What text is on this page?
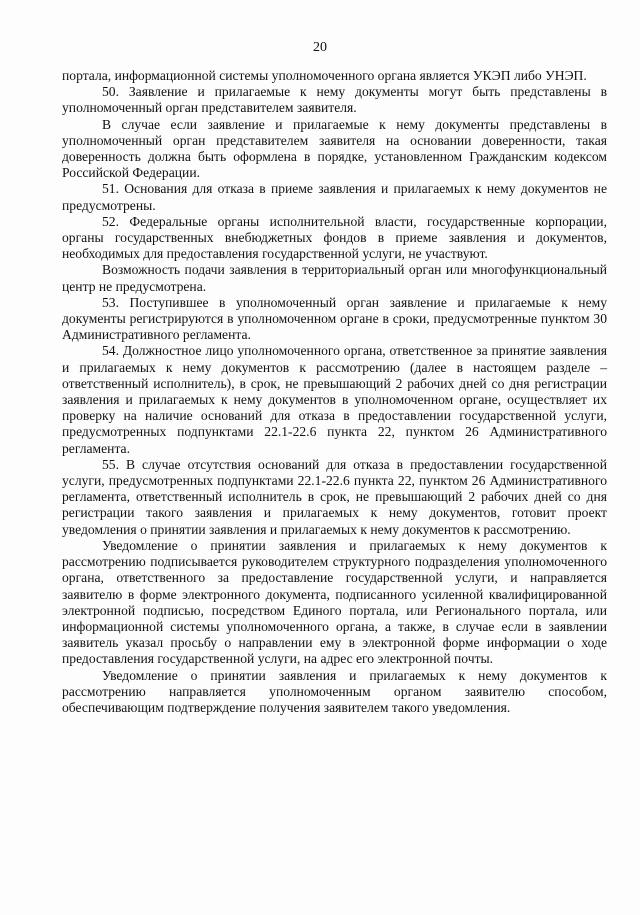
20

портала, информационной системы уполномоченного органа является УКЭП либо УНЭП.

50. Заявление и прилагаемые к нему документы могут быть представлены в уполномоченный орган представителем заявителя.

В случае если заявление и прилагаемые к нему документы представлены в уполномоченный орган представителем заявителя на основании доверенности, такая доверенность должна быть оформлена в порядке, установленном Гражданским кодексом Российской Федерации.

51. Основания для отказа в приеме заявления и прилагаемых к нему документов не предусмотрены.

52. Федеральные органы исполнительной власти, государственные корпорации, органы государственных внебюджетных фондов в приеме заявления и документов, необходимых для предоставления государственной услуги, не участвуют.

Возможность подачи заявления в территориальный орган или многофункциональный центр не предусмотрена.

53. Поступившее в уполномоченный орган заявление и прилагаемые к нему документы регистрируются в уполномоченном органе в сроки, предусмотренные пунктом 30 Административного регламента.

54. Должностное лицо уполномоченного органа, ответственное за принятие заявления и прилагаемых к нему документов к рассмотрению (далее в настоящем разделе – ответственный исполнитель), в срок, не превышающий 2 рабочих дней со дня регистрации заявления и прилагаемых к нему документов в уполномоченном органе, осуществляет их проверку на наличие оснований для отказа в предоставлении государственной услуги, предусмотренных подпунктами 22.1-22.6 пункта 22, пунктом 26 Административного регламента.

55. В случае отсутствия оснований для отказа в предоставлении государственной услуги, предусмотренных подпунктами 22.1-22.6 пункта 22, пунктом 26 Административного регламента, ответственный исполнитель в срок, не превышающий 2 рабочих дней со дня регистрации такого заявления и прилагаемых к нему документов, готовит проект уведомления о принятии заявления и прилагаемых к нему документов к рассмотрению.

Уведомление о принятии заявления и прилагаемых к нему документов к рассмотрению подписывается руководителем структурного подразделения уполномоченного органа, ответственного за предоставление государственной услуги, и направляется заявителю в форме электронного документа, подписанного усиленной квалифицированной электронной подписью, посредством Единого портала, или Регионального портала, или информационной системы уполномоченного органа, а также, в случае если в заявлении заявитель указал просьбу о направлении ему в электронной форме информации о ходе предоставления государственной услуги, на адрес его электронной почты.

Уведомление о принятии заявления и прилагаемых к нему документов к рассмотрению направляется уполномоченным органом заявителю способом, обеспечивающим подтверждение получения заявителем такого уведомления.
